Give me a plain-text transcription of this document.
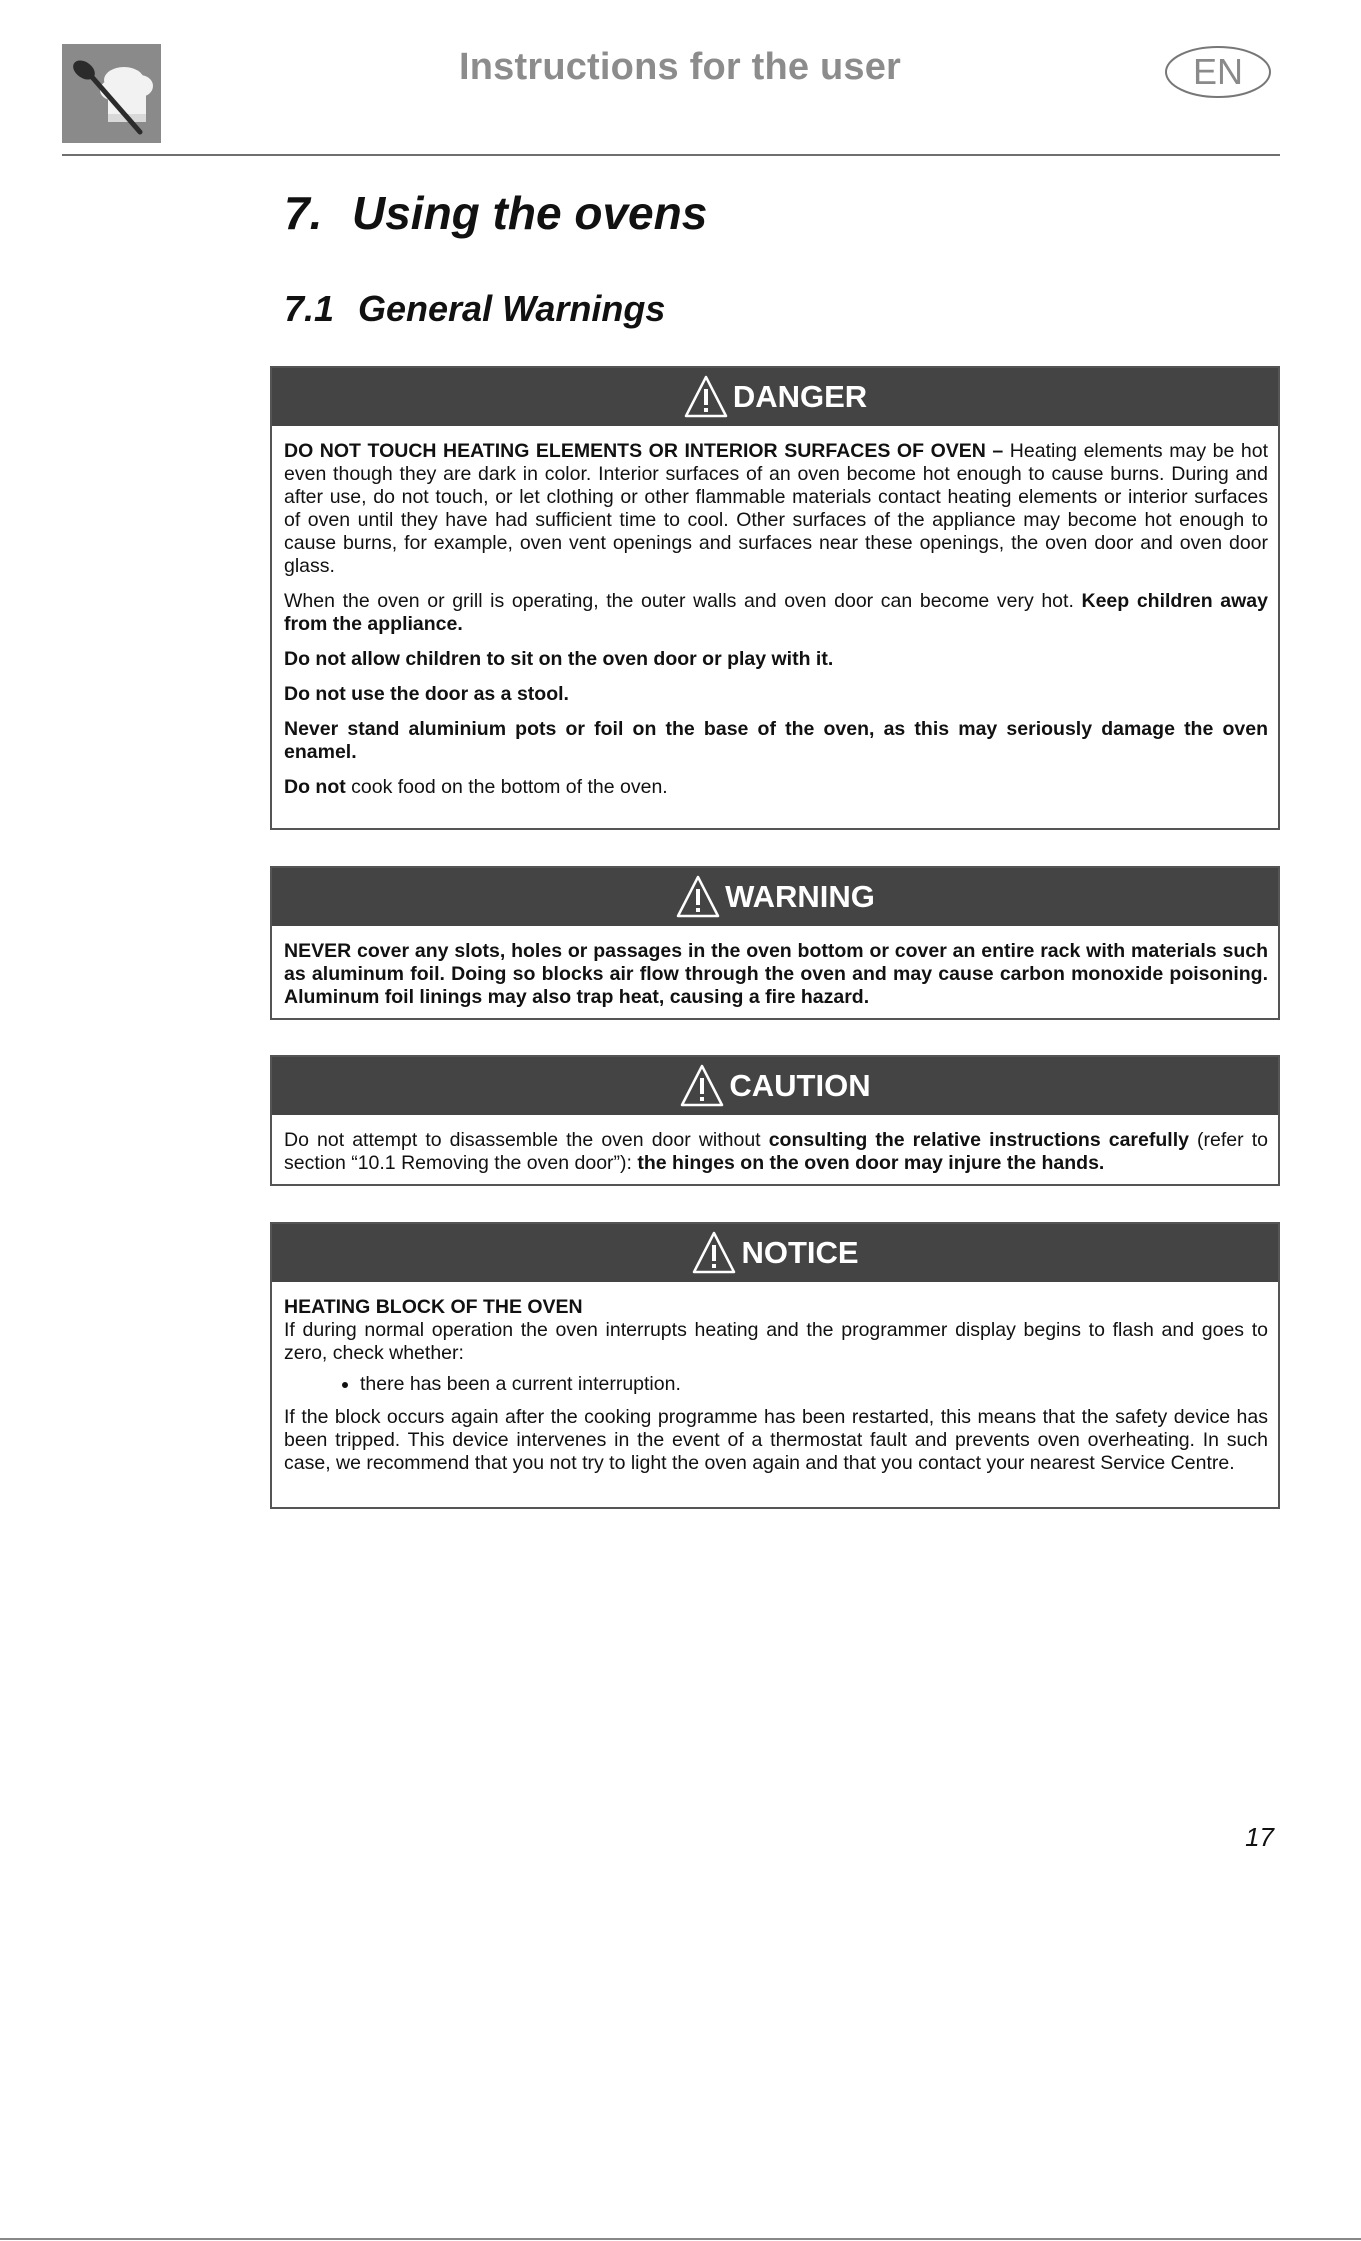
Instructions for the user	EN
7. Using the ovens
7.1 General Warnings
DANGER

DO NOT TOUCH HEATING ELEMENTS OR INTERIOR SURFACES OF OVEN – Heating elements may be hot even though they are dark in color. Interior surfaces of an oven become hot enough to cause burns. During and after use, do not touch, or let clothing or other flammable materials contact heating elements or interior surfaces of oven until they have had sufficient time to cool. Other surfaces of the appliance may become hot enough to cause burns, for example, oven vent openings and surfaces near these openings, the oven door and oven door glass.

When the oven or grill is operating, the outer walls and oven door can become very hot. Keep children away from the appliance.

Do not allow children to sit on the oven door or play with it.

Do not use the door as a stool.

Never stand aluminium pots or foil on the base of the oven, as this may seriously damage the oven enamel.

Do not cook food on the bottom of the oven.

WARNING

NEVER cover any slots, holes or passages in the oven bottom or cover an entire rack with materials such as aluminum foil. Doing so blocks air flow through the oven and may cause carbon monoxide poisoning. Aluminum foil linings may also trap heat, causing a fire hazard.

CAUTION

Do not attempt to disassemble the oven door without consulting the relative instructions carefully (refer to section “10.1 Removing the oven door”): the hinges on the oven door may injure the hands.

NOTICE
HEATING BLOCK OF THE OVEN

If during normal operation the oven interrupts heating and the programmer display begins to flash and goes to zero, check whether:

• there has been a current interruption.

If the block occurs again after the cooking programme has been restarted, this means that the safety device has been tripped. This device intervenes in the event of a thermostat fault and prevents oven overheating. In such case, we recommend that you not try to light the oven again and that you contact your nearest Service Centre.

17
